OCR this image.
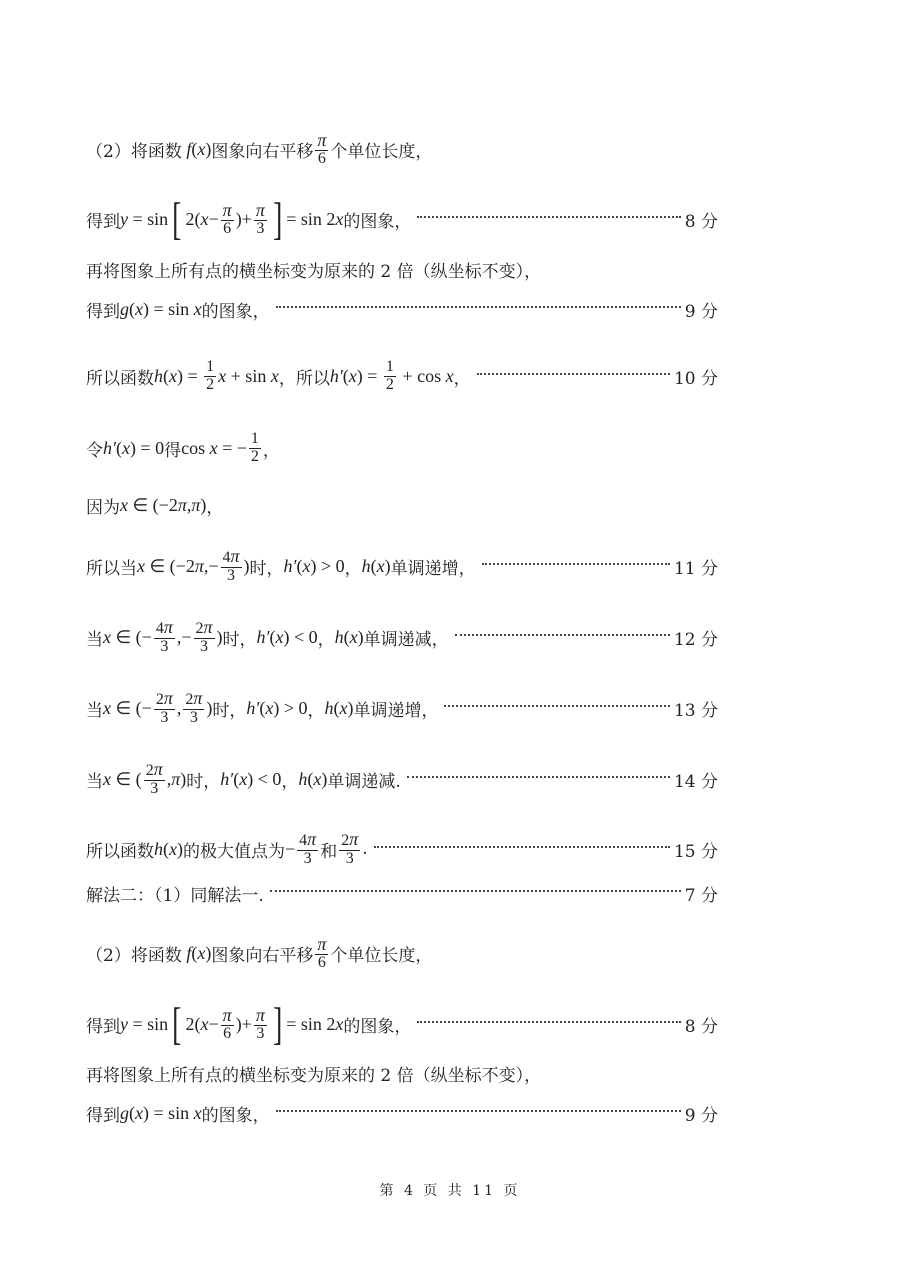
（2）将函数 f ( x ) 图象向右平移 $\frac{\pi}{6}$ 个单位长度，
得到 y = sin [ 2( $x - \frac{\pi}{6}$ )+ $\frac{\pi}{3}$ ] = sin 2 x 的图象，	8 分
再将图象上所有点的横坐标变为原来的 2 倍（纵坐标不变），
得到 g ( x ) = sin x 的图象，	9 分
所以函数 h ( x ) = $\frac{1}{2}$ x + sin x ，所以 h′ ( x ) = $\frac{1}{2} + \cos x$ ，	10 分
令 h′ ( x ) = 0 得 cos x = − $\frac{1}{2}$ ，
因为 x ∈ (−2 π , π ) ，
所以当 x ∈ (−2 π ,− $\frac{4\pi}{3}$ ) 时， h′ ( x ) > 0 ， h ( x ) 单调递增，	11 分
当 x ∈ (− $\frac{4\pi}{3}$ ,− $\frac{2\pi}{3}$ ) 时， h′ ( x ) < 0 ， h ( x ) 单调递减，	12 分
当 x ∈ (− $\frac{2\pi}{3}$ , $\frac{2\pi}{3}$ ) 时， h′ ( x ) > 0 ， h ( x ) 单调递增，	13 分
当 x ∈ ( $\frac{2\pi}{3}$ , π ) 时， h′ ( x ) < 0 ， h ( x ) 单调递减.	14 分
所以函数 h ( x ) 的极大值点为 − $\frac{4\pi}{3}$ 和 $\frac{2\pi}{3}$ .	15 分
解法二：（1）同解法一.	7 分
（2）将函数 f ( x ) 图象向右平移 $\frac{\pi}{6}$ 个单位长度，
得到 y = sin [ 2( $x - \frac{\pi}{6}$ )+ $\frac{\pi}{3}$ ] = sin 2 x 的图象，	8 分
再将图象上所有点的横坐标变为原来的 2 倍（纵坐标不变），
得到 g ( x ) = sin x 的图象，	9 分
第 4 页 共 11 页
